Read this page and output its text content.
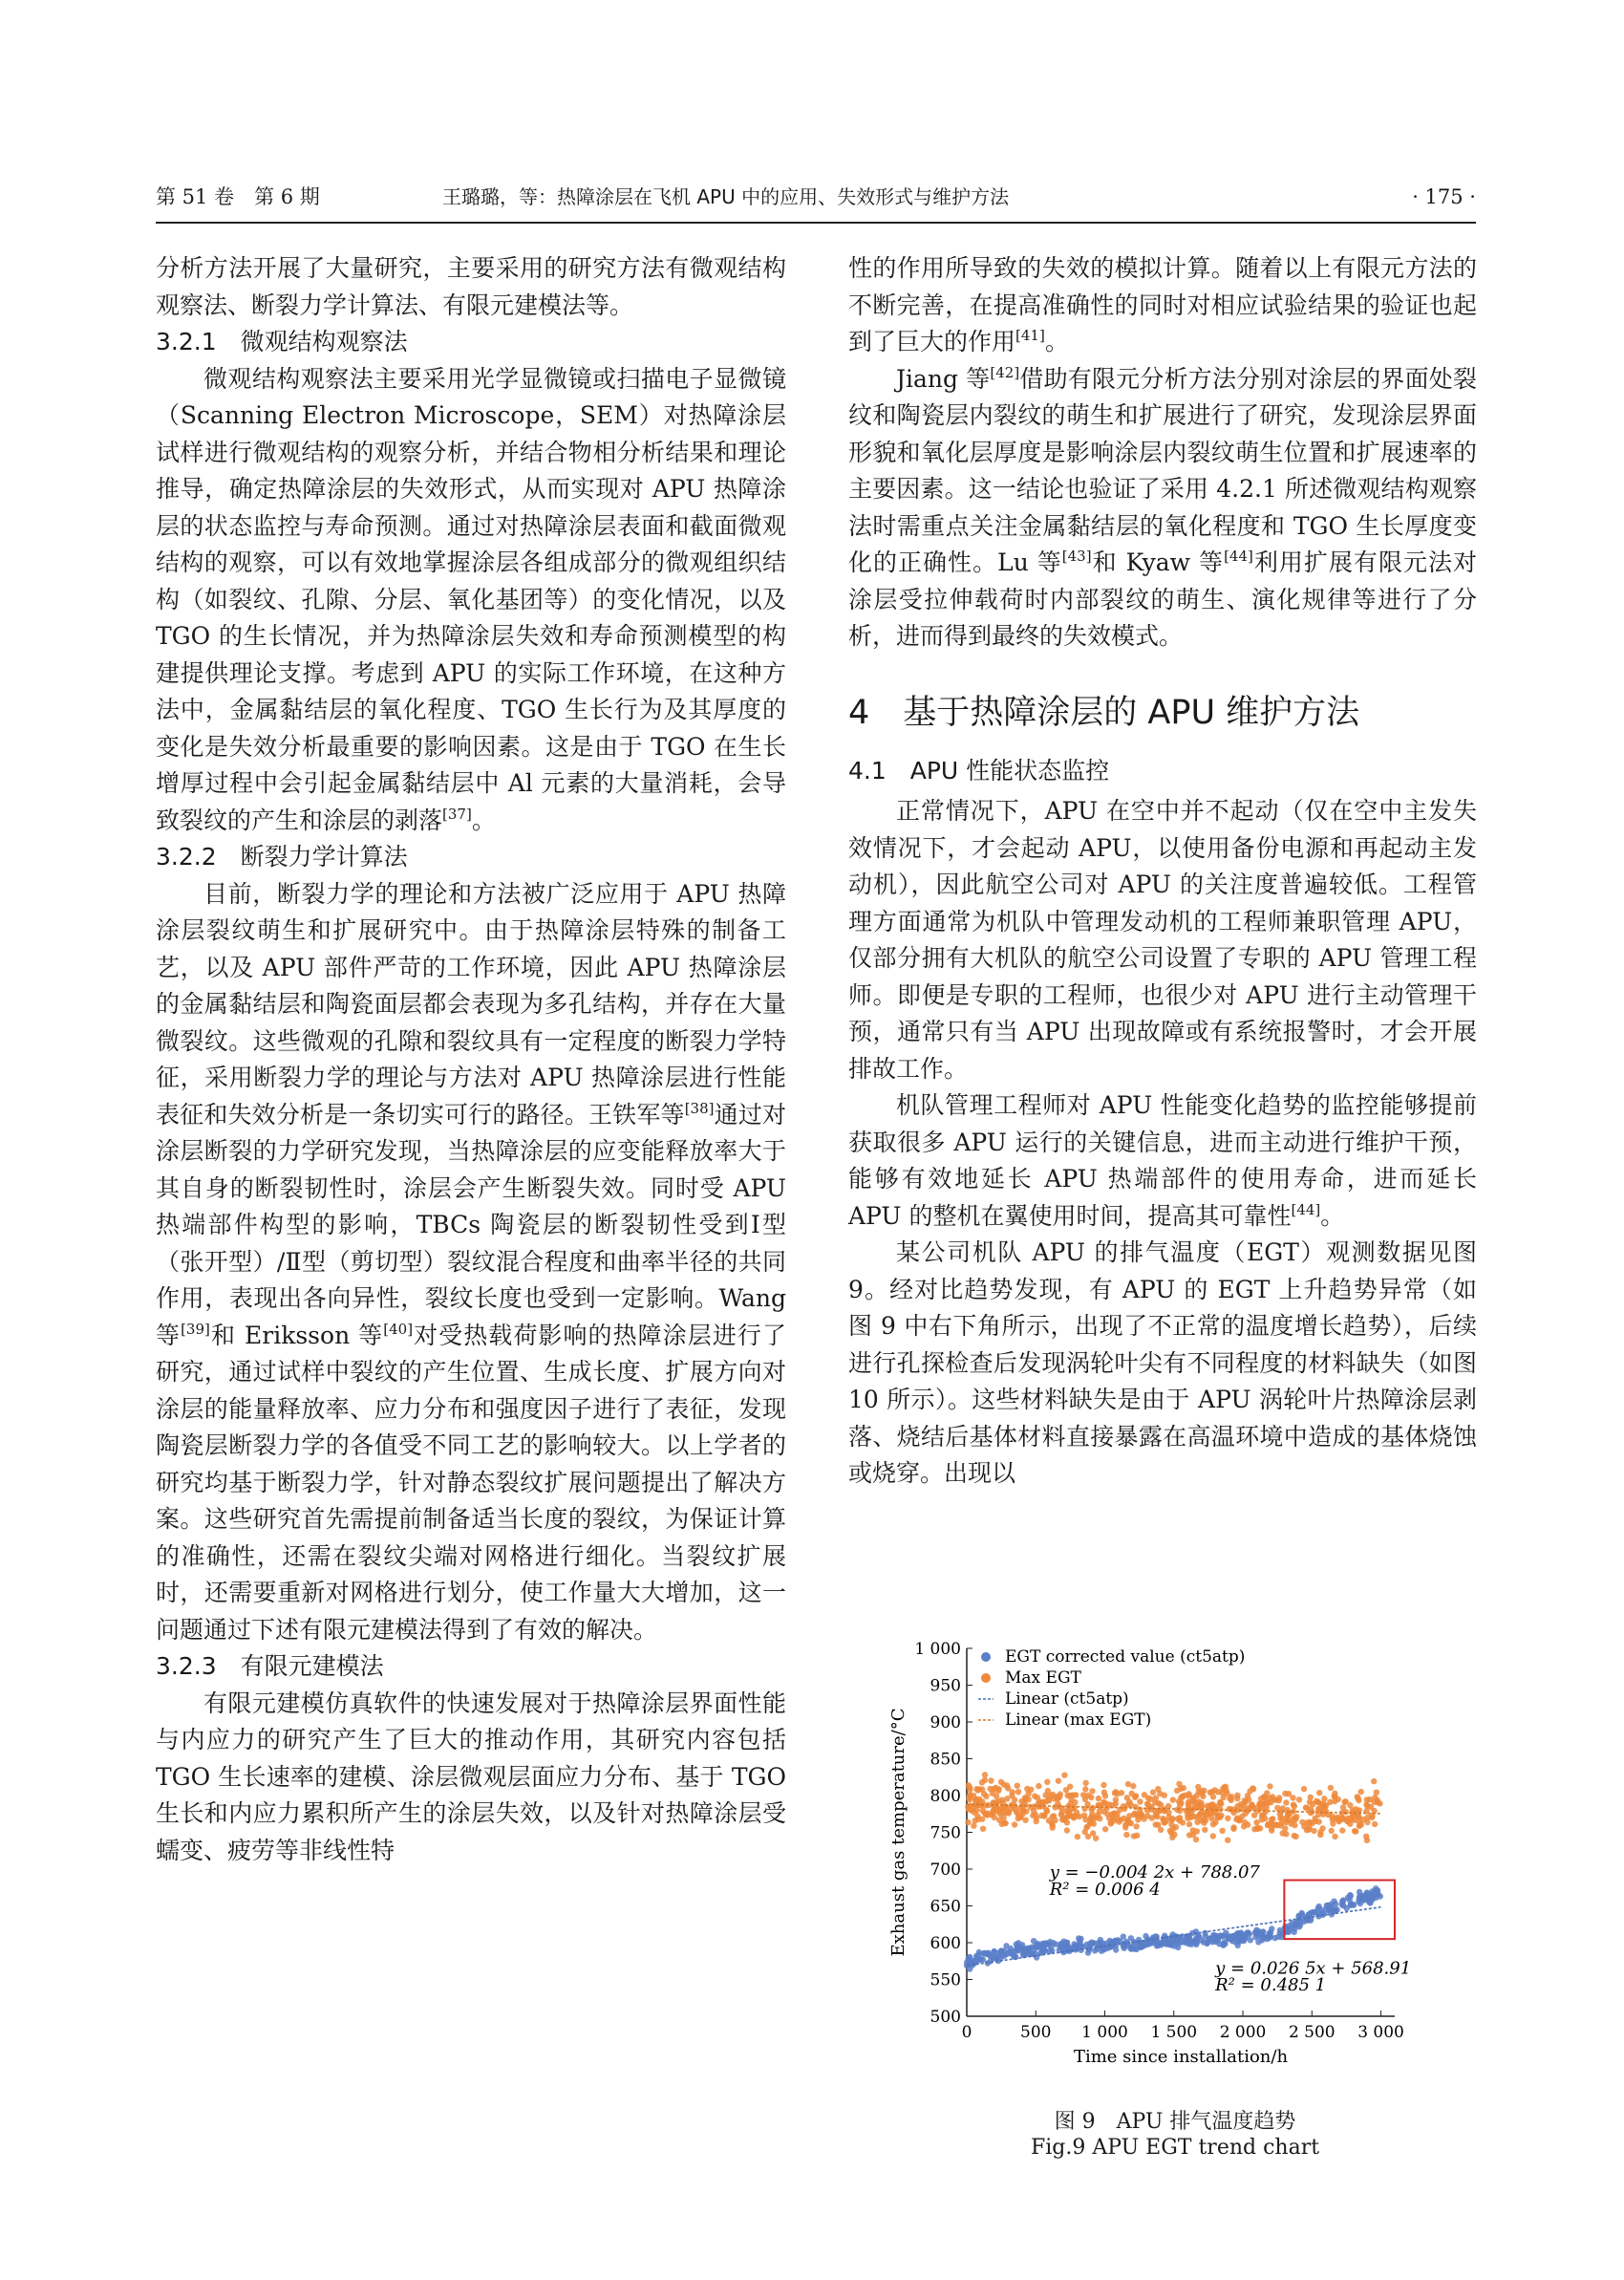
第 51 卷　第 6 期	王璐璐，等：热障涂层在飞机 APU 中的应用、失效形式与维护方法	· 175 ·

分析方法开展了大量研究，主要采用的研究方法有微观结构观察法、断裂力学计算法、有限元建模法等。

3.2.1　微观结构观察法

微观结构观察法主要采用光学显微镜或扫描电子显微镜（Scanning Electron Microscope，SEM）对热障涂层试样进行微观结构的观察分析，并结合物相分析结果和理论推导，确定热障涂层的失效形式，从而实现对 APU 热障涂层的状态监控与寿命预测。通过对热障涂层表面和截面微观结构的观察，可以有效地掌握涂层各组成部分的微观组织结构（如裂纹、孔隙、分层、氧化基团等）的变化情况，以及 TGO 的生长情况，并为热障涂层失效和寿命预测模型的构建提供理论支撑。考虑到 APU 的实际工作环境，在这种方法中，金属黏结层的氧化程度、TGO 生长行为及其厚度的变化是失效分析最重要的影响因素。这是由于 TGO 在生长增厚过程中会引起金属黏结层中 Al 元素的大量消耗，会导致裂纹的产生和涂层的剥落[37]。

3.2.2　断裂力学计算法

目前，断裂力学的理论和方法被广泛应用于 APU 热障涂层裂纹萌生和扩展研究中。由于热障涂层特殊的制备工艺，以及 APU 部件严苛的工作环境，因此 APU 热障涂层的金属黏结层和陶瓷面层都会表现为多孔结构，并存在大量微裂纹。这些微观的孔隙和裂纹具有一定程度的断裂力学特征，采用断裂力学的理论与方法对 APU 热障涂层进行性能表征和失效分析是一条切实可行的路径。王铁军等[38]通过对涂层断裂的力学研究发现，当热障涂层的应变能释放率大于其自身的断裂韧性时，涂层会产生断裂失效。同时受 APU 热端部件构型的影响，TBCs 陶瓷层的断裂韧性受到Ⅰ型（张开型）/Ⅱ型（剪切型）裂纹混合程度和曲率半径的共同作用，表现出各向异性，裂纹长度也受到一定影响。Wang 等[39]和 Eriksson 等[40]对受热载荷影响的热障涂层进行了研究，通过试样中裂纹的产生位置、生成长度、扩展方向对涂层的能量释放率、应力分布和强度因子进行了表征，发现陶瓷层断裂力学的各值受不同工艺的影响较大。以上学者的研究均基于断裂力学，针对静态裂纹扩展问题提出了解决方案。这些研究首先需提前制备适当长度的裂纹，为保证计算的准确性，还需在裂纹尖端对网格进行细化。当裂纹扩展时，还需要重新对网格进行划分，使工作量大大增加，这一问题通过下述有限元建模法得到了有效的解决。

3.2.3　有限元建模法

有限元建模仿真软件的快速发展对于热障涂层界面性能与内应力的研究产生了巨大的推动作用，其研究内容包括 TGO 生长速率的建模、涂层微观层面应力分布、基于 TGO 生长和内应力累积所产生的涂层失效，以及针对热障涂层受蠕变、疲劳等非线性特

性的作用所导致的失效的模拟计算。随着以上有限元方法的不断完善，在提高准确性的同时对相应试验结果的验证也起到了巨大的作用[41]。

Jiang 等[42]借助有限元分析方法分别对涂层的界面处裂纹和陶瓷层内裂纹的萌生和扩展进行了研究，发现涂层界面形貌和氧化层厚度是影响涂层内裂纹萌生位置和扩展速率的主要因素。这一结论也验证了采用 4.2.1 所述微观结构观察法时需重点关注金属黏结层的氧化程度和 TGO 生长厚度变化的正确性。Lu 等[43]和 Kyaw 等[44]利用扩展有限元法对涂层受拉伸载荷时内部裂纹的萌生、演化规律等进行了分析，进而得到最终的失效模式。

4　基于热障涂层的 APU 维护方法
4.1　APU 性能状态监控

正常情况下，APU 在空中并不起动（仅在空中主发失效情况下，才会起动 APU，以使用备份电源和再起动主发动机），因此航空公司对 APU 的关注度普遍较低。工程管理方面通常为机队中管理发动机的工程师兼职管理 APU，仅部分拥有大机队的航空公司设置了专职的 APU 管理工程师。即便是专职的工程师，也很少对 APU 进行主动管理干预，通常只有当 APU 出现故障或有系统报警时，才会开展排故工作。

机队管理工程师对 APU 性能变化趋势的监控能够提前获取很多 APU 运行的关键信息，进而主动进行维护干预，能够有效地延长 APU 热端部件的使用寿命，进而延长 APU 的整机在翼使用时间，提高其可靠性[44]。

某公司机队 APU 的排气温度（EGT）观测数据见图 9。经对比趋势发现，有 APU 的 EGT 上升趋势异常（如图 9 中右下角所示，出现了不正常的温度增长趋势），后续进行孔探检查后发现涡轮叶尖有不同程度的材料缺失（如图 10 所示）。这些材料缺失是由于 APU 涡轮叶片热障涂层剥落、烧结后基体材料直接暴露在高温环境中造成的基体烧蚀或烧穿。出现以

500
550
600
650
700
750
800
850
900
950
1 000
0	500 1 000 1 500 2 000 2 500 3 000
Time since installation/h
Exhaust gas temperature/°C
EGT corrected value (ct5atp)
Max EGT
Linear (ct5atp)
Linear (max EGT)
y = −0.004 2x + 788.07
R² = 0.006 4
y = 0.026 5x + 568.91
R² = 0.485 1
图 9　APU 排气温度趋势
Fig.9 APU EGT trend chart
